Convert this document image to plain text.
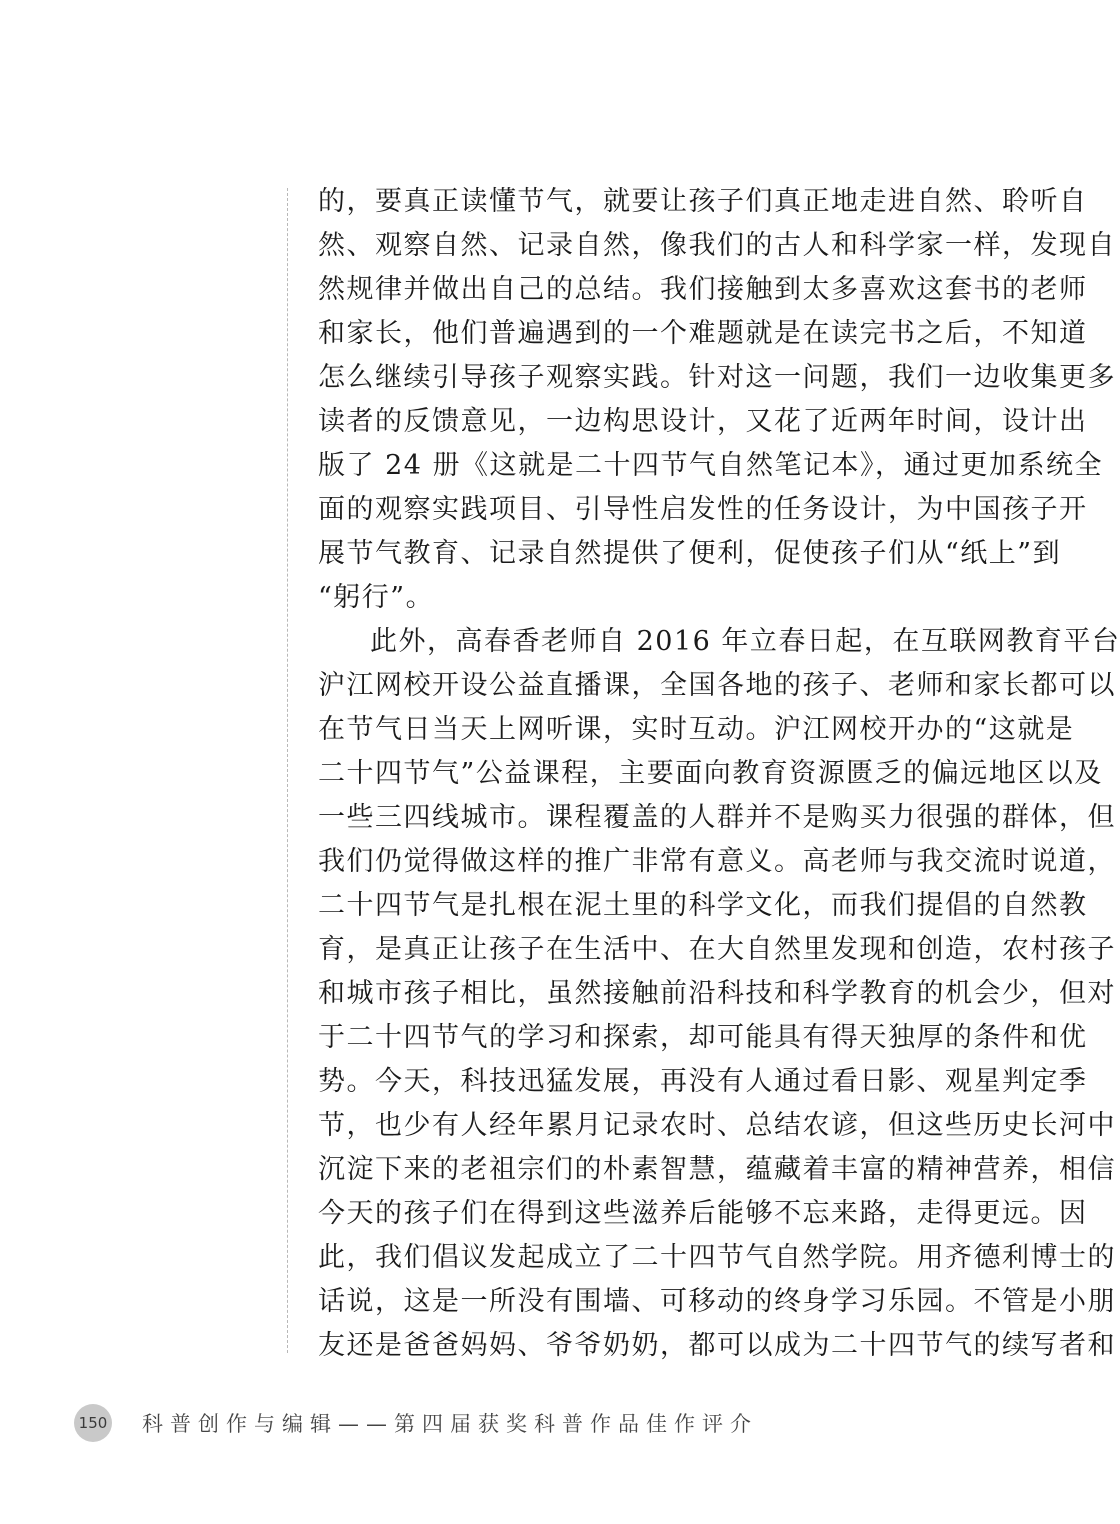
的，要真正读懂节气，就要让孩子们真正地走进自然、聆听自
然、观察自然、记录自然，像我们的古人和科学家一样，发现自
然规律并做出自己的总结。我们接触到太多喜欢这套书的老师
和家长，他们普遍遇到的一个难题就是在读完书之后，不知道
怎么继续引导孩子观察实践。针对这一问题，我们一边收集更多
读者的反馈意见，一边构思设计，又花了近两年时间，设计出
版了 24 册《这就是二十四节气自然笔记本》，通过更加系统全
面的观察实践项目、引导性启发性的任务设计，为中国孩子开
展节气教育、记录自然提供了便利，促使孩子们从“纸上”到
“躬行”。
此外，高春香老师自 2016 年立春日起，在互联网教育平台
沪江网校开设公益直播课，全国各地的孩子、老师和家长都可以
在节气日当天上网听课，实时互动。沪江网校开办的“这就是
二十四节气”公益课程，主要面向教育资源匮乏的偏远地区以及
一些三四线城市。课程覆盖的人群并不是购买力很强的群体，但
我们仍觉得做这样的推广非常有意义。高老师与我交流时说道，
二十四节气是扎根在泥土里的科学文化，而我们提倡的自然教
育，是真正让孩子在生活中、在大自然里发现和创造，农村孩子
和城市孩子相比，虽然接触前沿科技和科学教育的机会少，但对
于二十四节气的学习和探索，却可能具有得天独厚的条件和优
势。今天，科技迅猛发展，再没有人通过看日影、观星判定季
节，也少有人经年累月记录农时、总结农谚，但这些历史长河中
沉淀下来的老祖宗们的朴素智慧，蕴藏着丰富的精神营养，相信
今天的孩子们在得到这些滋养后能够不忘来路，走得更远。因
此，我们倡议发起成立了二十四节气自然学院。用齐德利博士的
话说，这是一所没有围墙、可移动的终身学习乐园。不管是小朋
友还是爸爸妈妈、爷爷奶奶，都可以成为二十四节气的续写者和
150 科普创作与编辑——第四届获奖科普作品佳作评介
